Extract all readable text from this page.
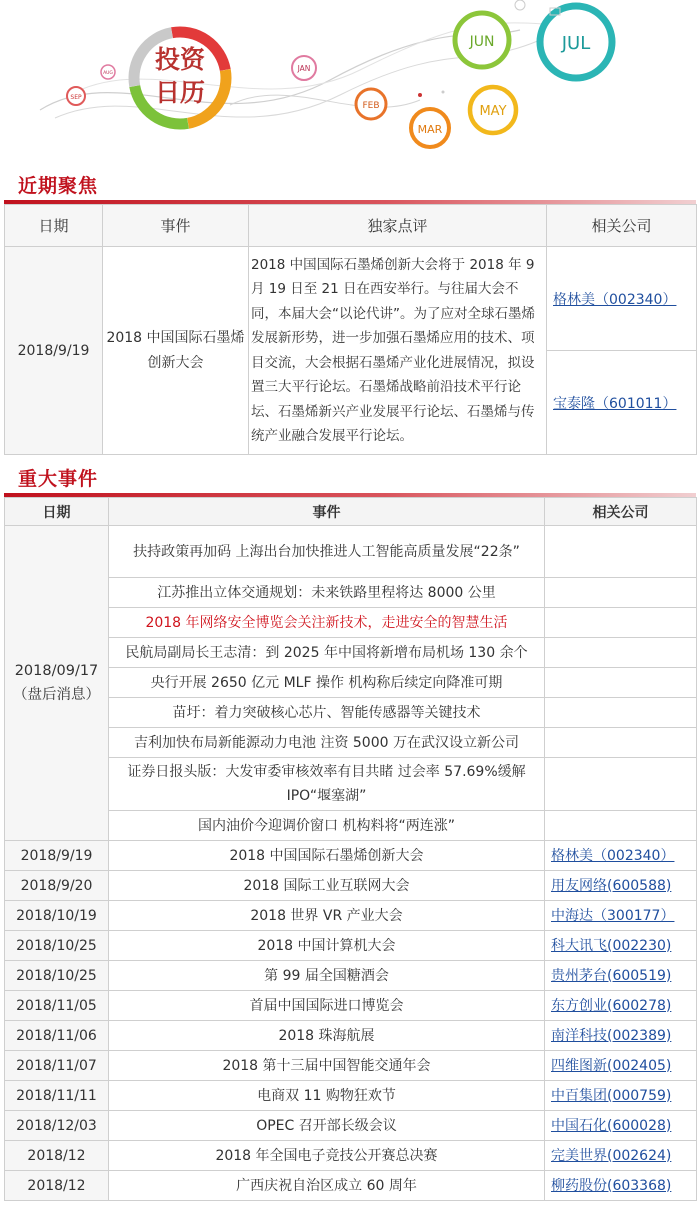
投资
日历
SEP
AUG
JAN
FEB
MAR
MAY
JUN	JUL
近期聚焦
日期	事件	独家点评	相关公司
2018/9/19	2018 中国国际石墨烯创新大会	2018 中国国际石墨烯创新大会将于 2018 年 9 月 19 日至 21 日在西安举行。与往届大会不同，本届大会“以论代讲”。为了应对全球石墨烯发展新形势，进一步加强石墨烯应用的技术、项目交流，大会根据石墨烯产业化进展情况，拟设置三大平行论坛。石墨烯战略前沿技术平行论坛、石墨烯新兴产业发展平行论坛、石墨烯与传统产业融合发展平行论坛。	格林美（002340）
			宝泰隆（601011）
重大事件
日期	事件	相关公司
2018/09/17（盘后消息）	扶持政策再加码 上海出台加快推进人工智能高质量发展“22条”	
	江苏推出立体交通规划：未来铁路里程将达 8000 公里	
	2018 年网络安全博览会关注新技术，走进安全的智慧生活	
	民航局副局长王志清：到 2025 年中国将新增布局机场 130 余个	
	央行开展 2650 亿元 MLF 操作 机构称后续定向降准可期	
	苗圩：着力突破核心芯片、智能传感器等关键技术	
	吉利加快布局新能源动力电池 注资 5000 万在武汉设立新公司	
	证券日报头版：大发审委审核效率有目共睹 过会率 57.69%缓解 IPO“堰塞湖”	
	国内油价今迎调价窗口 机构料将“两连涨”	
2018/9/19	2018 中国国际石墨烯创新大会	格林美（002340）
2018/9/20	2018 国际工业互联网大会	用友网络(600588)
2018/10/19	2018 世界 VR 产业大会	中海达（300177）
2018/10/25	2018 中国计算机大会	科大讯飞(002230)
2018/10/25	第 99 届全国糖酒会	贵州茅台(600519)
2018/11/05	首届中国国际进口博览会	东方创业(600278)
2018/11/06	2018 珠海航展	南洋科技(002389)
2018/11/07	2018 第十三届中国智能交通年会	四维图新(002405)
2018/11/11	电商双 11 购物狂欢节	中百集团(000759)
2018/12/03	OPEC 召开部长级会议	中国石化(600028)
2018/12	2018 年全国电子竞技公开赛总决赛	完美世界(002624)
2018/12	广西庆祝自治区成立 60 周年	柳药股份(603368)
